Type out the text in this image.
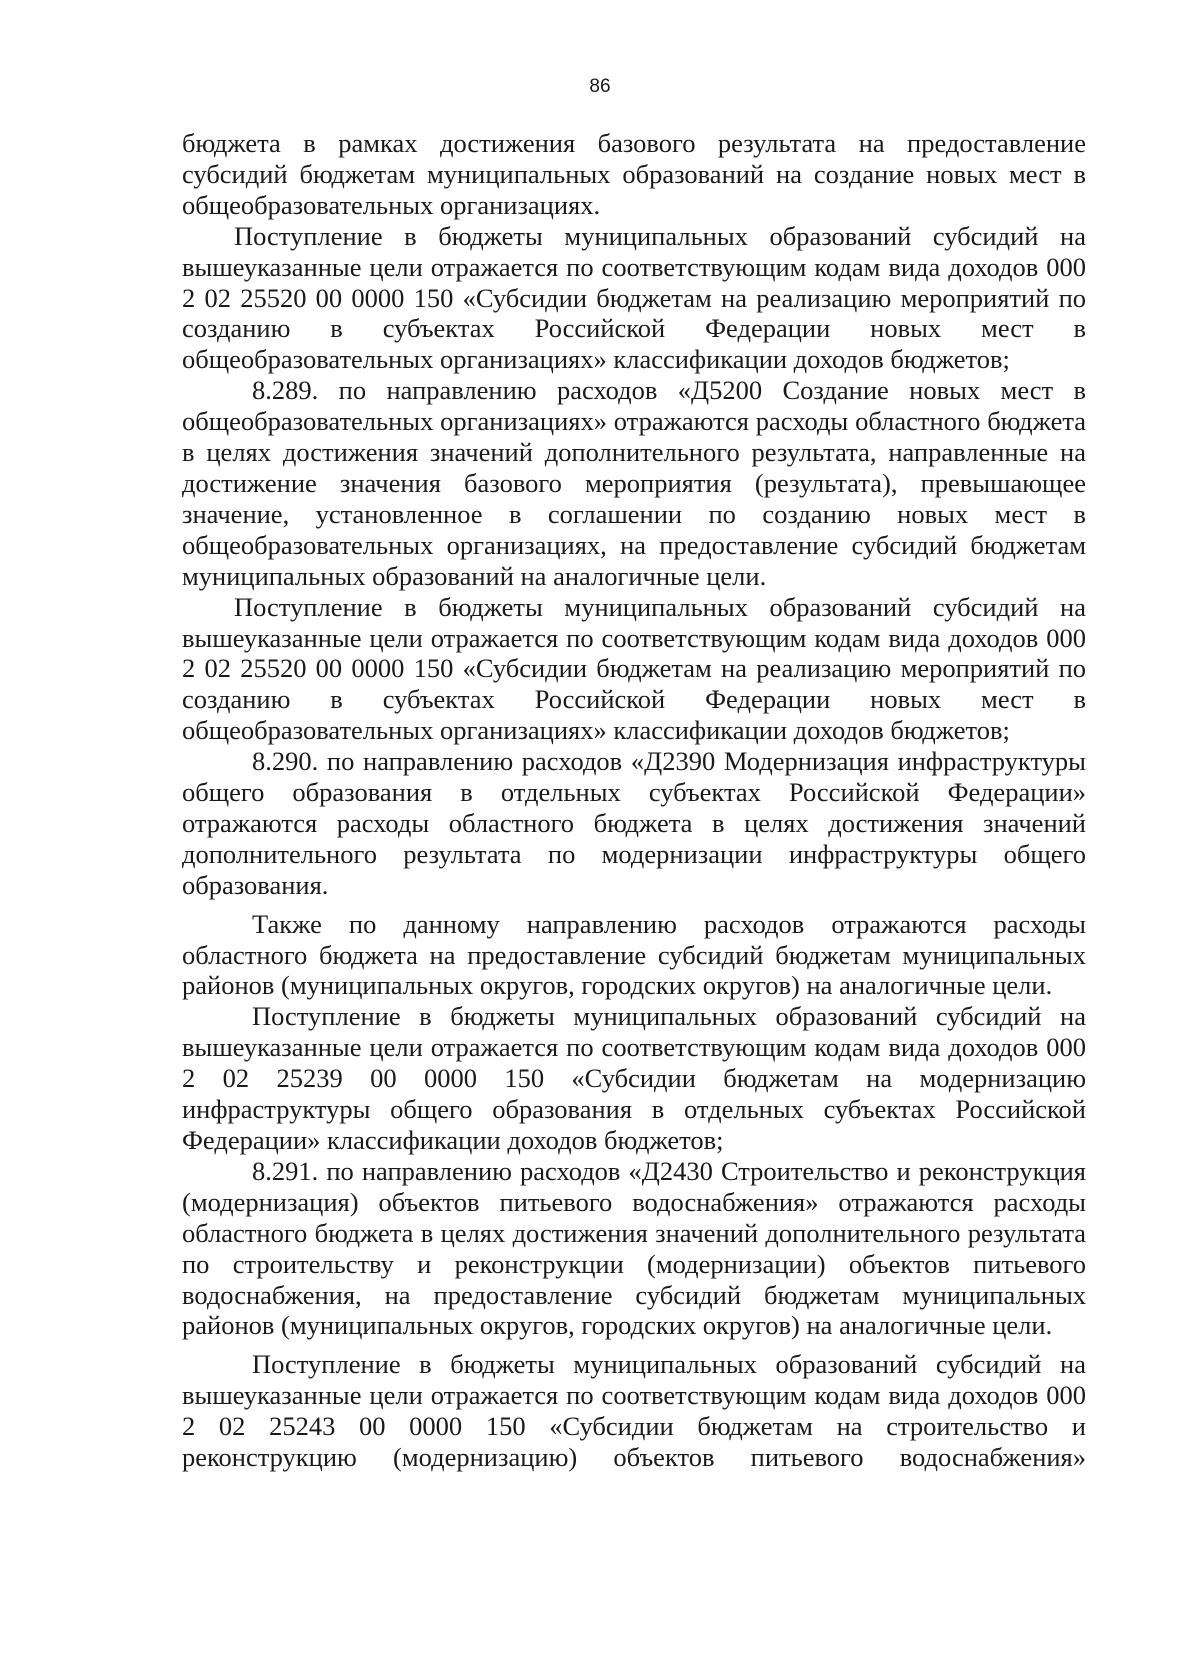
86

бюджета в рамках достижения базового результата на предоставление субсидий бюджетам муниципальных образований на создание новых мест в общеобразовательных организациях.

Поступление в бюджеты муниципальных образований субсидий на вышеуказанные цели отражается по соответствующим кодам вида доходов 000 2 02 25520 00 0000 150 «Субсидии бюджетам на реализацию мероприятий по созданию в субъектах Российской Федерации новых мест в общеобразовательных организациях» классификации доходов бюджетов;

8.289. по направлению расходов «Д5200 Создание новых мест в общеобразовательных организациях» отражаются расходы областного бюджета в целях достижения значений дополнительного результата, направленные на достижение значения базового мероприятия (результата), превышающее значение, установленное в соглашении по созданию новых мест в общеобразовательных организациях, на предоставление субсидий бюджетам муниципальных образований на аналогичные цели.

Поступление в бюджеты муниципальных образований субсидий на вышеуказанные цели отражается по соответствующим кодам вида доходов 000 2 02 25520 00 0000 150 «Субсидии бюджетам на реализацию мероприятий по созданию в субъектах Российской Федерации новых мест в общеобразовательных организациях» классификации доходов бюджетов;

8.290. по направлению расходов «Д2390 Модернизация инфраструктуры общего образования в отдельных субъектах Российской Федерации» отражаются расходы областного бюджета в целях достижения значений дополнительного результата по модернизации инфраструктуры общего образования.

Также по данному направлению расходов отражаются расходы областного бюджета на предоставление субсидий бюджетам муниципальных районов (муниципальных округов, городских округов) на аналогичные цели.

Поступление в бюджеты муниципальных образований субсидий на вышеуказанные цели отражается по соответствующим кодам вида доходов 000 2 02 25239 00 0000 150 «Субсидии бюджетам на модернизацию инфраструктуры общего образования в отдельных субъектах Российской Федерации» классификации доходов бюджетов;

8.291. по направлению расходов «Д2430 Строительство и реконструкция (модернизация) объектов питьевого водоснабжения» отражаются расходы областного бюджета в целях достижения значений дополнительного результата по строительству и реконструкции (модернизации) объектов питьевого водоснабжения, на предоставление субсидий бюджетам муниципальных районов (муниципальных округов, городских округов) на аналогичные цели.

Поступление в бюджеты муниципальных образований субсидий на вышеуказанные цели отражается по соответствующим кодам вида доходов 000 2 02 25243 00 0000 150 «Субсидии бюджетам на строительство и реконструкцию (модернизацию) объектов питьевого водоснабжения»
